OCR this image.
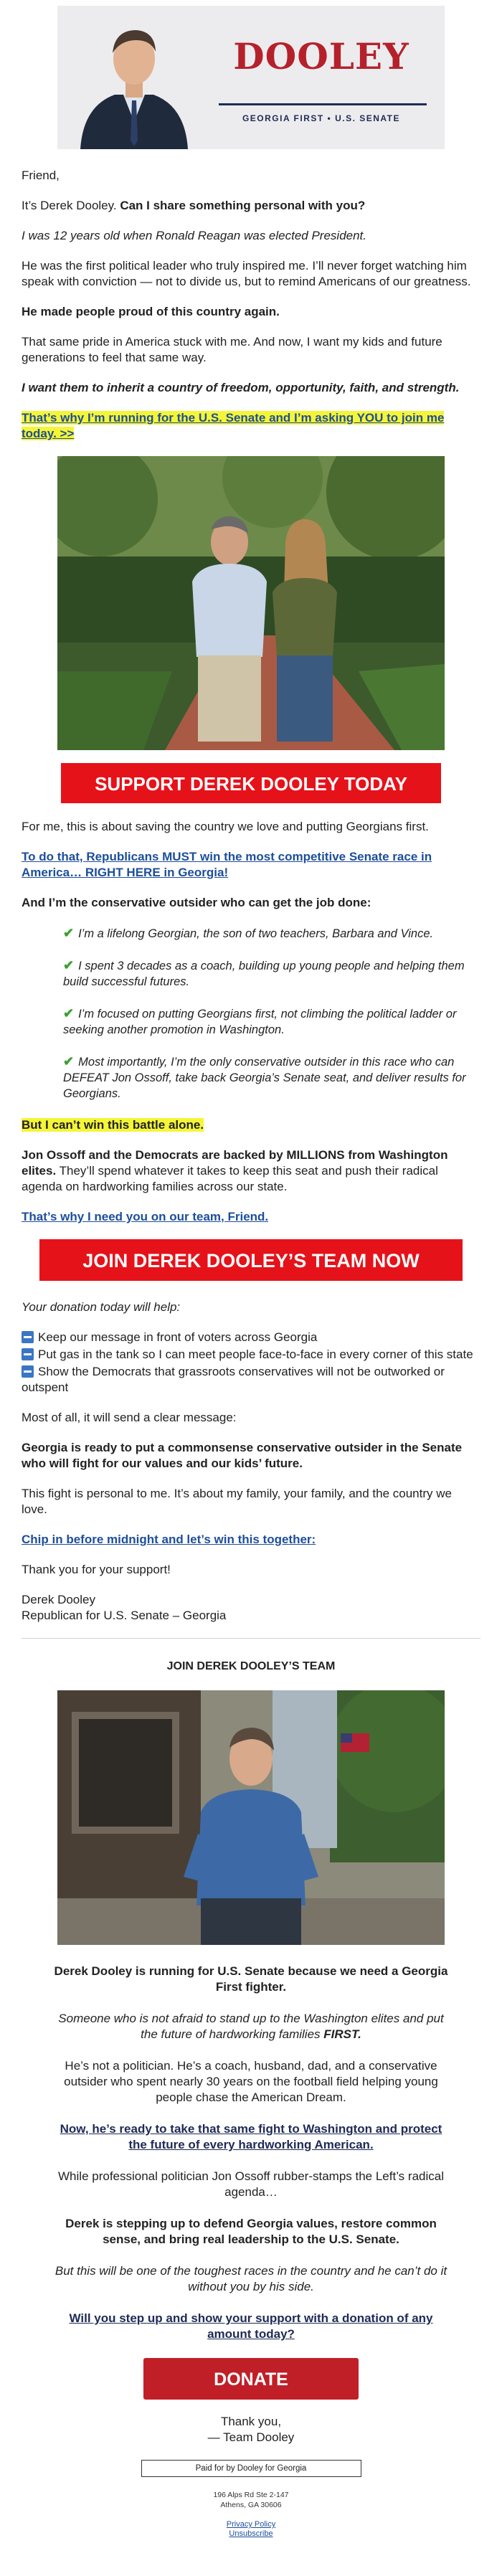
DOOLEY
GEORGIA FIRST • U.S. SENATE

Friend,

It’s Derek Dooley. Can I share something personal with you?

I was 12 years old when Ronald Reagan was elected President.

He was the first political leader who truly inspired me. I’ll never forget watching him speak with conviction — not to divide us, but to remind Americans of our greatness.

He made people proud of this country again.

That same pride in America stuck with me. And now, I want my kids and future generations to feel that same way.

I want them to inherit a country of freedom, opportunity, faith, and strength.

That’s why I’m running for the U.S. Senate and I’m asking YOU to join me today. >>

SUPPORT DEREK DOOLEY TODAY

For me, this is about saving the country we love and putting Georgians first.

To do that, Republicans MUST win the most competitive Senate race in America… RIGHT HERE in Georgia!

And I’m the conservative outsider who can get the job done:

✔ I’m a lifelong Georgian, the son of two teachers, Barbara and Vince.
✔ I spent 3 decades as a coach, building up young people and helping them build successful futures.
✔ I’m focused on putting Georgians first, not climbing the political ladder or seeking another promotion in Washington.
✔ Most importantly, I’m the only conservative outsider in this race who can DEFEAT Jon Ossoff, take back Georgia’s Senate seat, and deliver results for Georgians.

But I can’t win this battle alone.

Jon Ossoff and the Democrats are backed by MILLIONS from Washington elites. They’ll spend whatever it takes to keep this seat and push their radical agenda on hardworking families across our state.

That’s why I need you on our team, Friend.

JOIN DEREK DOOLEY’S TEAM NOW

Your donation today will help:

Keep our message in front of voters across Georgia
Put gas in the tank so I can meet people face-to-face in every corner of this state
Show the Democrats that grassroots conservatives will not be outworked or outspent

Most of all, it will send a clear message:

Georgia is ready to put a commonsense conservative outsider in the Senate who will fight for our values and our kids’ future.

This fight is personal to me. It’s about my family, your family, and the country we love.

Chip in before midnight and let’s win this together:

Thank you for your support!

Derek Dooley
Republican for U.S. Senate – Georgia

JOIN DEREK DOOLEY’S TEAM

Derek Dooley is running for U.S. Senate because we need a Georgia First fighter.

Someone who is not afraid to stand up to the Washington elites and put the future of hardworking families FIRST.

He’s not a politician. He’s a coach, husband, dad, and a conservative outsider who spent nearly 30 years on the football field helping young people chase the American Dream.

Now, he’s ready to take that same fight to Washington and protect the future of every hardworking American.

While professional politician Jon Ossoff rubber-stamps the Left’s radical agenda…

Derek is stepping up to defend Georgia values, restore common sense, and bring real leadership to the U.S. Senate.

But this will be one of the toughest races in the country and he can’t do it without you by his side.

Will you step up and show your support with a donation of any amount today?

DONATE

Thank you,
— Team Dooley

Paid for by Dooley for Georgia
196 Alps Rd Ste 2-147
Athens, GA 30606
Privacy Policy
Unsubscribe
